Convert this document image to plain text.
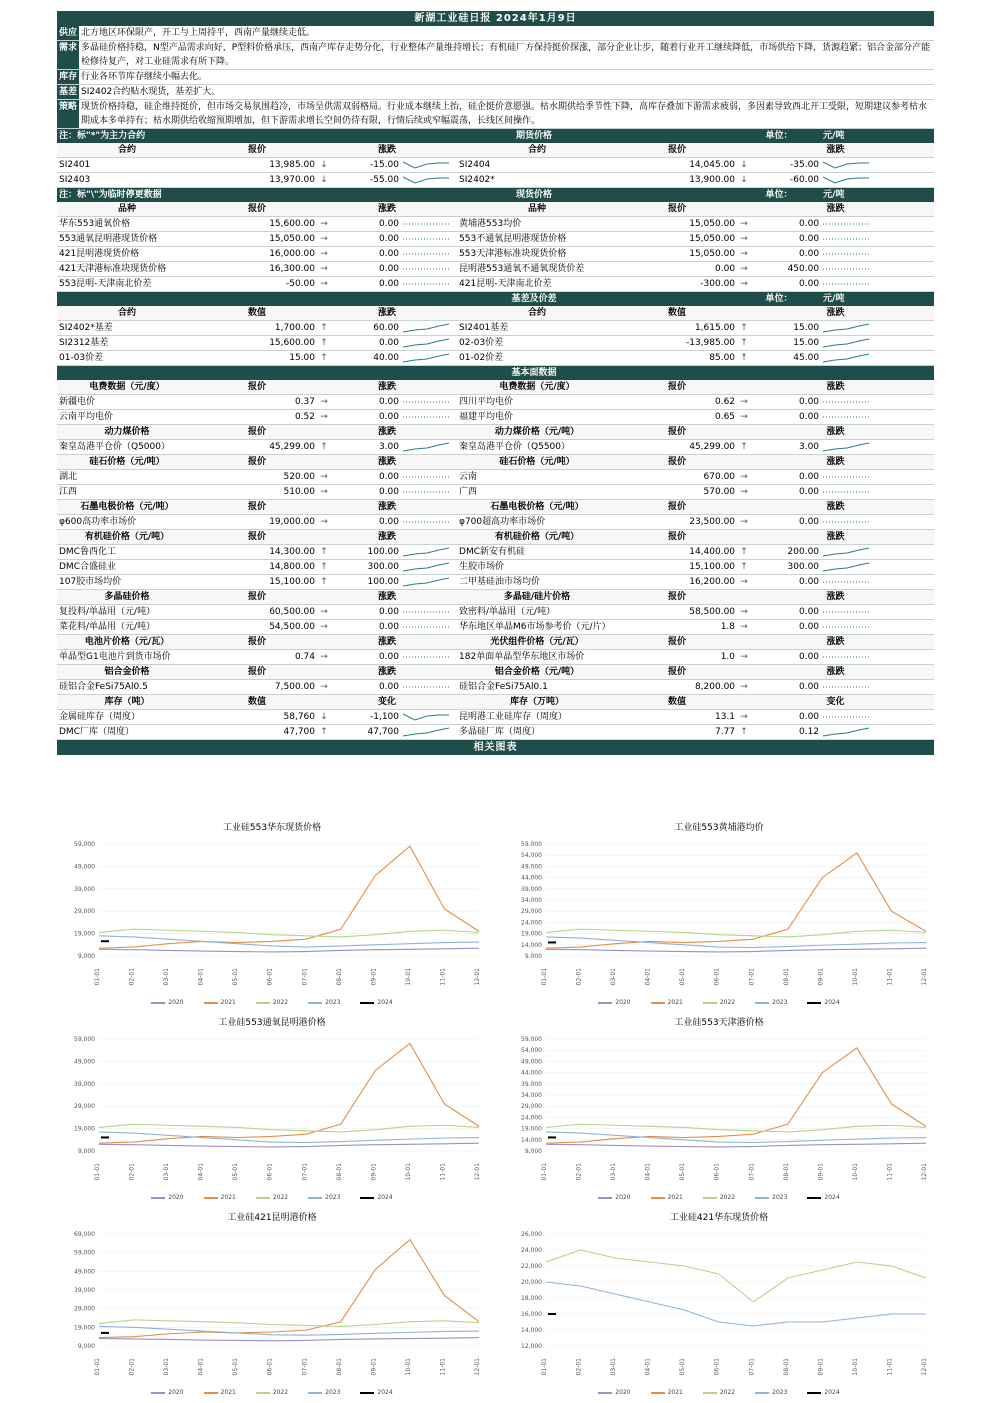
新湖工业硅日报 2024年1月9日
供应	北方地区环保限产，开工与上周持平，西南产量继续走低。
需求	多晶硅价格持稳，N型产品需求向好，P型料价格承压，西南产库存走势分化，行业整体产量维持增长；有机硅厂方保持挺价探涨，部分企业让步，随着行业开工继续降低，市场供给下降，货源趋紧；铝合金部分产能检修待复产，对工业硅需求有所下降。
库存	行业各环节库存继续小幅去化。
基差	SI2402合约贴水现货，基差扩大。
策略	现货价格持稳，硅企维持挺价，但市场交易氛围趋冷，市场呈供需双弱格局。行业成本继续上抬，硅企挺价意愿强。枯水期供给季节性下降，高库存叠加下游需求疲弱，多因素导致西北开工受限，短期建议参考枯水期成本多单持有；枯水期供给收缩预期增加，但下游需求增长空间仍待有限，行情后续或窄幅震荡，长线区间操作。
注：标"*"为主力合约			期货价格				单位：		元/吨
合约	报价	涨跌			合约	报价	涨跌		
SI2401	13,985.00	↓	-15.00		SI2404	14,045.00	↓	-35.00	

SI2403	13,970.00	↓	-55.00		SI2402*	13,900.00	↓	-60.00	
注：标"\"为临时停更数据			现货价格				单位：		元/吨
品种	报价	涨跌			品种	报价	涨跌		
华东553通氧价格	15,600.00	→	0.00		黄埔港553均价	15,050.00	→	0.00	

553通氧昆明港现货价格	15,050.00	→	0.00		553不通氧昆明港现货价格	15,050.00	→	0.00	

421昆明港现货价格	16,000.00	→	0.00		553天津港标准块现货价格	15,050.00	→	0.00	

421天津港标准块现货价格	16,300.00	→	0.00		昆明港553通氧不通氧现货价差	0.00	→	450.00	

553昆明-天津南北价差	-50.00	→	0.00		421昆明-天津南北价差	-300.00	→	0.00	
			基差及价差				单位：		元/吨
合约	数值	涨跌			合约	数值	涨跌		
SI2402*基差	1,700.00	↑	60.00		SI2401基差	1,615.00	↑	15.00	

SI2312基差	15,600.00	↑	0.00		02-03价差	-13,985.00	↑	15.00	

01-03价差	15.00	↑	40.00		01-02价差	85.00	↑	45.00	
			基本面数据						
电费数据（元/度）	报价	涨跌			电费数据（元/度）	报价	涨跌		
新疆电价	0.37	→	0.00		四川平均电价	0.62	→	0.00	

云南平均电价	0.52	→	0.00		福建平均电价	0.65	→	0.00	

动力煤价格	报价	涨跌			动力煤价格（元/吨）	报价	涨跌		
秦皇岛港平仓价（Q5000）	45,299.00	↑	3.00		秦皇岛港平仓价（Q5500）	45,299.00	↑	3.00	

硅石价格（元/吨）	报价	涨跌			硅石价格（元/吨）	报价	涨跌		
湖北	520.00	→	0.00		云南	670.00	→	0.00	

江西	510.00	→	0.00		广西	570.00	→	0.00	

石墨电极价格（元/吨）	报价	涨跌			石墨电极价格（元/吨）	报价	涨跌		
φ600高功率市场价	19,000.00	→	0.00		φ700超高功率市场价	23,500.00	→	0.00	

有机硅价格（元/吨）	报价	涨跌			有机硅价格（元/吨）	报价	涨跌		
DMC鲁西化工	14,300.00	↑	100.00		DMC新安有机硅	14,400.00	↑	200.00	

DMC合盛硅业	14,800.00	↑	300.00		生胶市场价	15,100.00	↑	300.00	

107胶市场均价	15,100.00	↑	100.00		二甲基硅油市场均价	16,200.00	→	0.00	

多晶硅价格	报价	涨跌			多晶硅/硅片价格	报价	涨跌		
复投料/单晶用（元/吨）	60,500.00	→	0.00		致密料/单晶用（元/吨）	58,500.00	→	0.00	

菜花料/单晶用（元/吨）	54,500.00	→	0.00		华东地区单晶M6市场参考价（元/片）	1.8	→	0.00	

电池片价格（元/瓦）	报价	涨跌			光伏组件价格（元/瓦）	报价	涨跌		
单晶型G1电池片到货市场价	0.74	→	0.00		182单面单晶型华东地区市场价	1.0	→	0.00	

铝合金价格	报价	涨跌			铝合金价格（元/吨）	报价	涨跌		
硅铝合金FeSi75Al0.5	7,500.00	→	0.00		硅铝合金FeSi75Al0.1	8,200.00	→	0.00	

库存（吨）	数值	变化			库存（万吨）	数值	变化		
金属硅库存（周度）	58,760	↓	-1,100		昆明港工业硅库存（周度）	13.1	→	0.00	

DMC厂库（周度）	47,700	↑	47,700		多晶硅厂库（周度）	7.77	↑	0.12	
相关图表
工业硅553华东现货价格
59,000
49,000
39,000
29,000
19,000
9,000
01-01	02-01	03-01	04-01	05-01	06-01	07-01	08-01	09-01	10-01	11-01	12-01
2020	2021	2022	2023	2024
工业硅553黄埔港均价
59,000
54,000
49,000
44,000
39,000
34,000
29,000
24,000
19,000
14,000
9,000
01-01	02-01	03-01	04-01	05-01	06-01	07-01	08-01	09-01	10-01	11-01	12-01
2020	2021	2022	2023	2024
工业硅553通氧昆明港价格
59,000
49,000
39,000
29,000
19,000
9,000
01-01	02-01	03-01	04-01	05-01	06-01	07-01	08-01	09-01	10-01	11-01	12-01
2020	2021	2022	2023	2024
工业硅553天津港价格
59,000
54,000
49,000
44,000
39,000
34,000
29,000
24,000
19,000
14,000
9,000
01-01	02-01	03-01	04-01	05-01	06-01	07-01	08-01	09-01	10-01	11-01	12-01
2020	2021	2022	2023	2024
工业硅421昆明港价格
69,000
59,000
49,000
39,000
29,000
19,000
9,000
01-01	02-01	03-01	04-01	05-01	06-01	07-01	08-01	09-01	10-01	11-01	12-01
2020	2021	2022	2023	2024
工业硅421华东现货价格
26,000
24,000
22,000
20,000
18,000
16,000
14,000
12,000
01-01	02-01	03-01	04-01	05-01	06-01	07-01	08-01	09-01	10-01	11-01	12-01
2020	2021	2022	2023	2024
